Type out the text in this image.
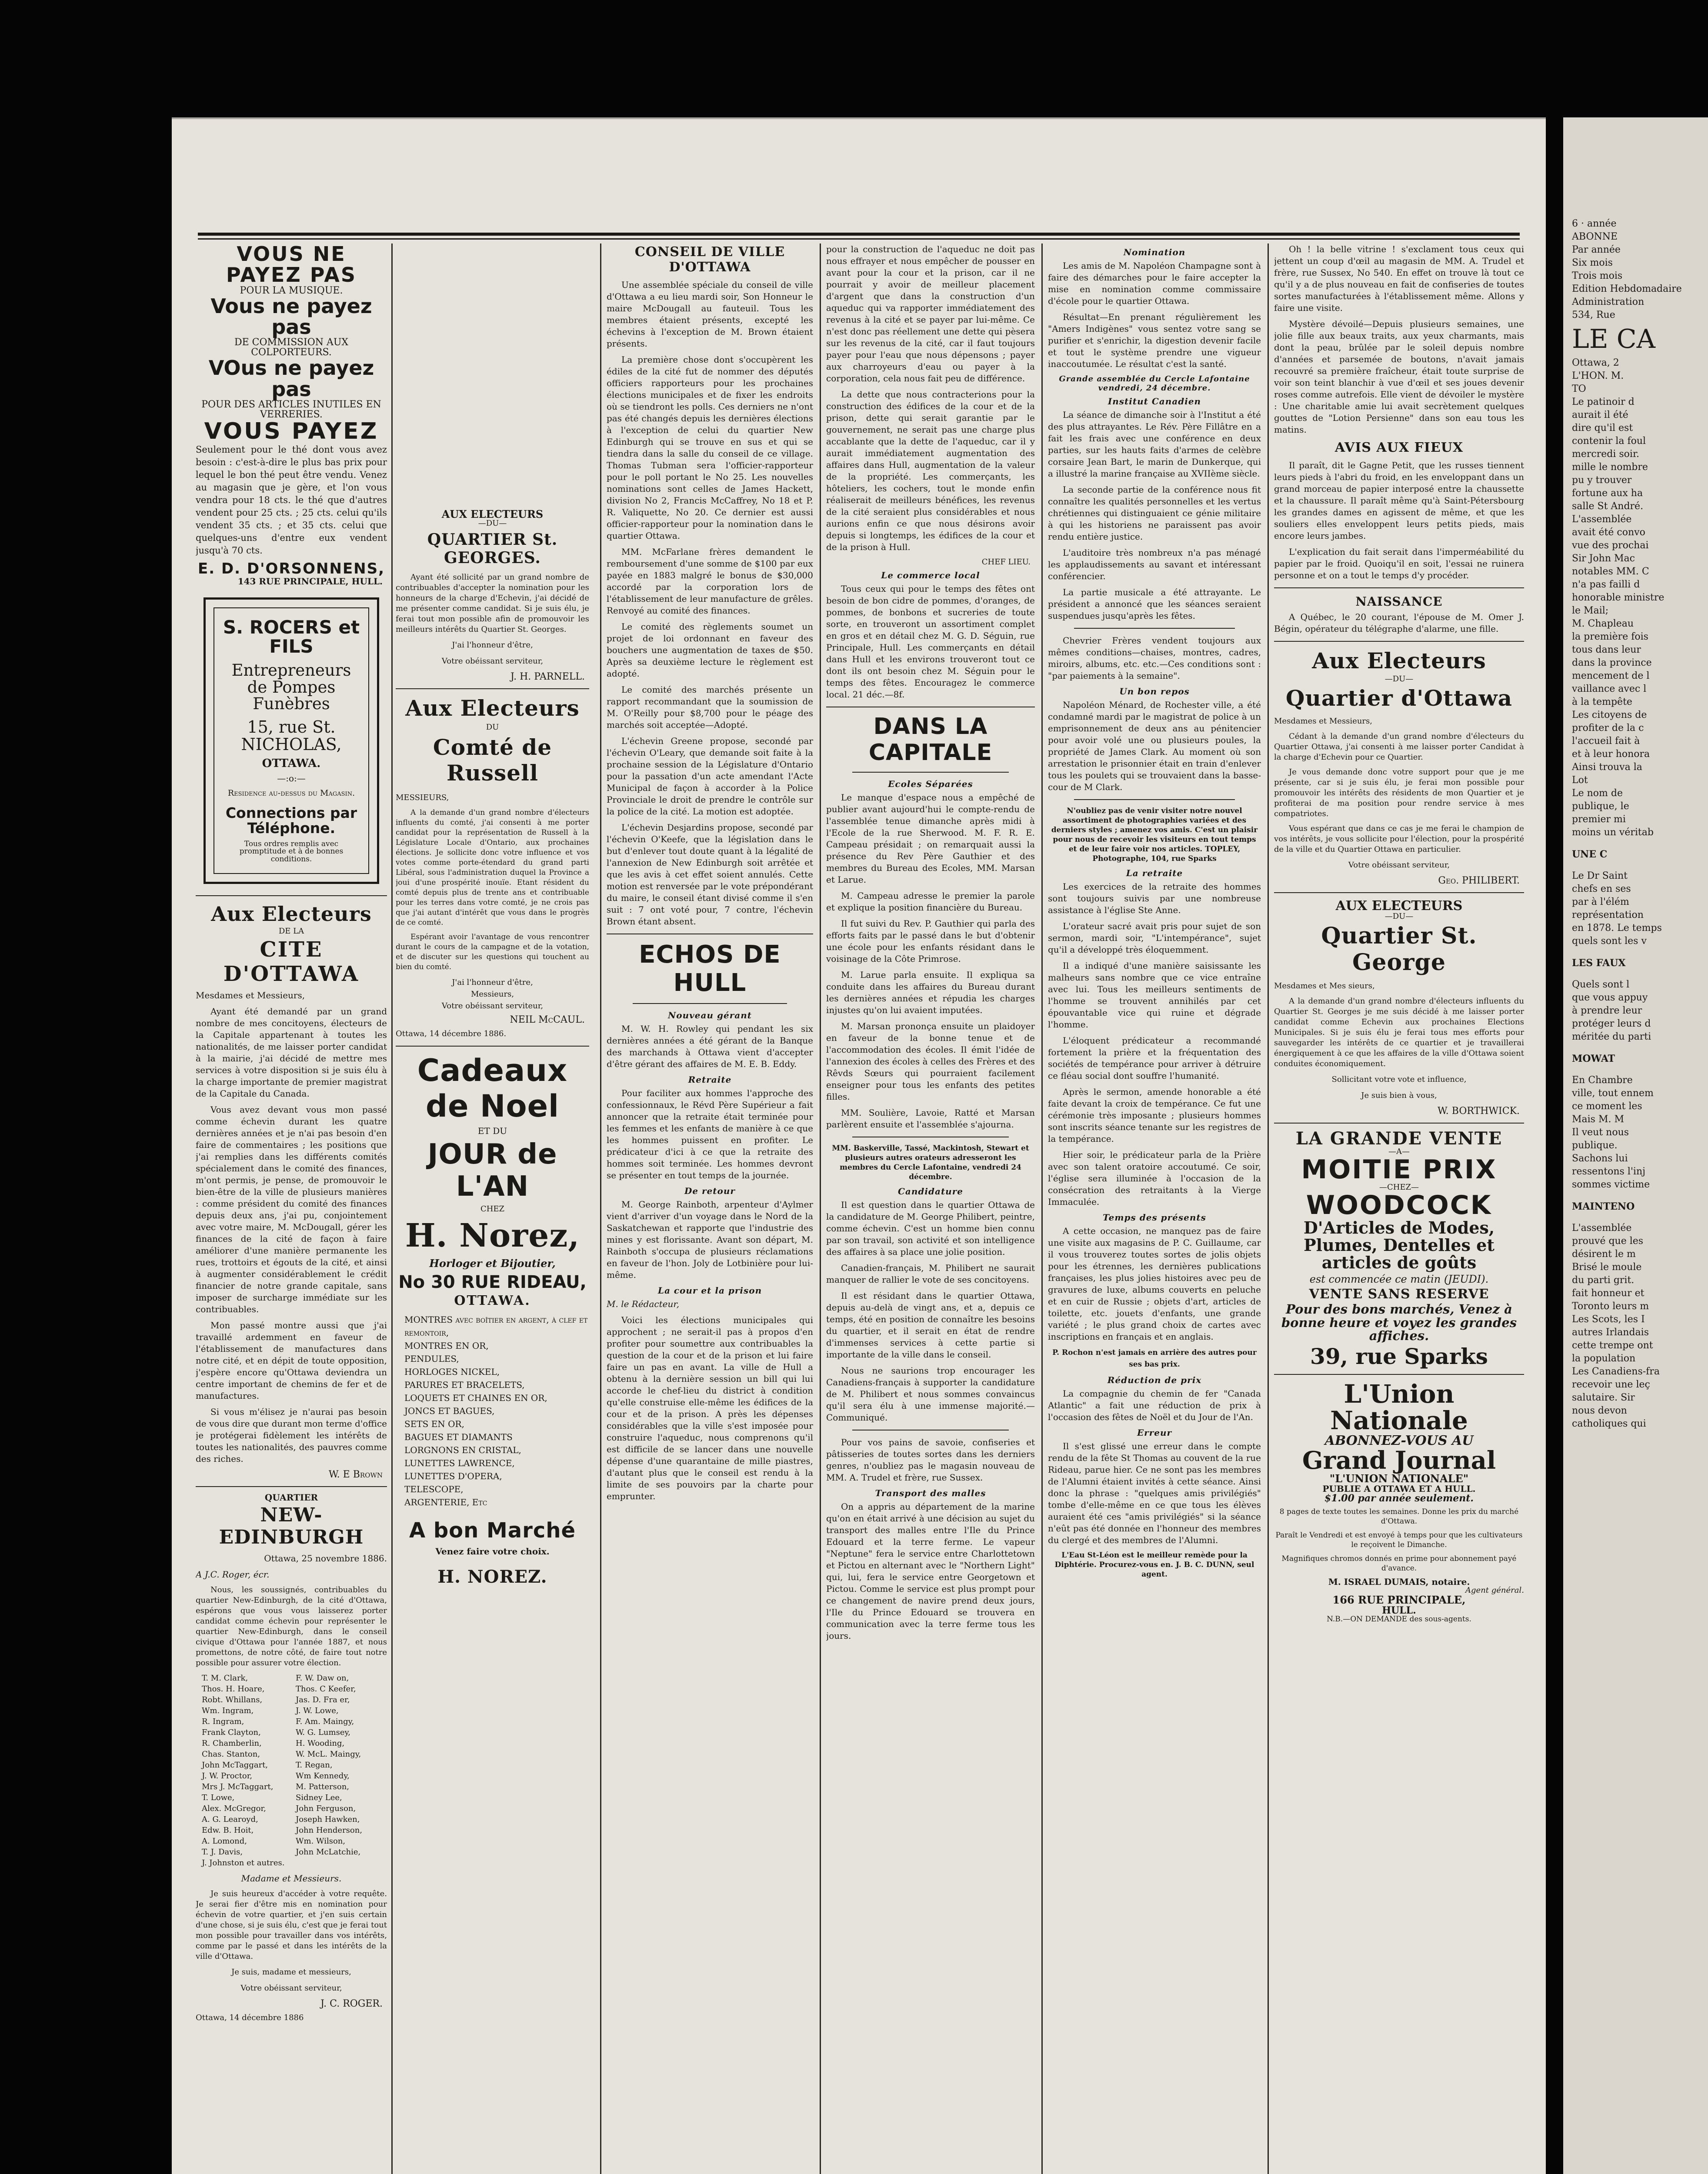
VOUS NE PAYEZ PAS

POUR LA MUSIQUE.

Vous ne payez pas

DE COMMISSION AUX COLPORTEURS.

VOus ne payez pas

POUR DES ARTICLES INUTILES EN VERRERIES.

VOUS PAYEZ

Seulement pour le thé dont vous avez besoin : c'est-à-dire le plus bas prix pour lequel le bon thé peut être vendu. Venez au magasin que je gère, et l'on vous vendra pour 18 cts. le thé que d'autres vendent pour 25 cts. ; 25 cts. celui qu'ils vendent 35 cts. ; et 35 cts. celui que quelques-uns d'entre eux vendent jusqu'à 70 cts.

E. D. D'ORSONNENS,

143 RUE PRINCIPALE, HULL.

S. ROCERS et FILS

Entrepreneurs de Pompes Funèbres

15, rue St. NICHOLAS,

OTTAWA.

—:o:—

Residence au-dessus du Magasin.

Connections par Téléphone.

Tous ordres remplis avec promptitude et à de bonnes conditions.

Aux Electeurs

DE LA

CITE D'OTTAWA

Mesdames et Messieurs,

Ayant été demandé par un grand nombre de mes concitoyens, électeurs de la Capitale appartenant à toutes les nationalités, de me laisser porter candidat à la mairie, j'ai décidé de mettre mes services à votre disposition si je suis élu à la charge importante de premier magistrat de la Capitale du Canada.

Vous avez devant vous mon passé comme échevin durant les quatre dernières années et je n'ai pas besoin d'en faire de commentaires ; les positions que j'ai remplies dans les différents comités spécialement dans le comité des finances, m'ont permis, je pense, de promouvoir le bien-être de la ville de plusieurs manières : comme président du comité des finances depuis deux ans, j'ai pu, conjointement avec votre maire, M. McDougall, gérer les finances de la cité de façon à faire améliorer d'une manière permanente les rues, trottoirs et égouts de la cité, et ainsi à augmenter considérablement le crédit financier de notre grande capitale, sans imposer de surcharge immédiate sur les contribuables.

Mon passé montre aussi que j'ai travaillé ardemment en faveur de l'établissement de manufactures dans notre cité, et en dépit de toute opposition, j'espère encore qu'Ottawa deviendra un centre important de chemins de fer et de manufactures.

Si vous m'élisez je n'aurai pas besoin de vous dire que durant mon terme d'office je protégerai fidèlement les intérêts de toutes les nationalités, des pauvres comme des riches.

W. E Brown

QUARTIER

NEW-EDINBURGH

Ottawa, 25 novembre 1886.

A J.C. Roger, écr.

Nous, les soussignés, contribuables du quartier New-Edinburgh, de la cité d'Ottawa, espérons que vous vous laisserez porter candidat comme échevin pour représenter le quartier New-Edinburgh, dans le conseil civique d'Ottawa pour l'année 1887, et nous promettons, de notre côté, de faire tout notre possible pour assurer votre élection.

T. M. Clark,
Thos. H. Hoare,
Robt. Whillans,
Wm. Ingram,
R. Ingram,
Frank Clayton,
R. Chamberlin,
Chas. Stanton,
John McTaggart,
J. W. Proctor,
Mrs J. McTaggart,
T. Lowe,
Alex. McGregor,
A. G. Learoyd,
Edw. B. Hoit,
A. Lomond,
T. J. Davis,
J. Johnston et autres.
F. W. Daw on,
Thos. C Keefer,
Jas. D. Fra er,
J. W. Lowe,
F. Am. Maingy,
W. G. Lumsey,
H. Wooding,
W. McL. Maingy,
T. Regan,
Wm Kennedy,
M. Patterson,
Sidney Lee,
John Ferguson,
Joseph Hawken,
John Henderson,
Wm. Wilson,
John McLatchie,

Madame et Messieurs.

Je suis heureux d'accéder à votre requête. Je serai fier d'être mis en nomination pour échevin de votre quartier, et j'en suis certain d'une chose, si je suis élu, c'est que je ferai tout mon possible pour travailler dans vos intérêts, comme par le passé et dans les intérêts de la ville d'Ottawa.

Je suis, madame et messieurs,

Votre obéissant serviteur,

J. C. ROGER.

Ottawa, 14 décembre 1886

AUX ELECTEURS

—DU—

QUARTIER St. GEORGES.

Ayant été sollicité par un grand nombre de contribuables d'accepter la nomination pour les honneurs de la charge d'Echevin, j'ai décidé de me présenter comme candidat. Si je suis élu, je ferai tout mon possible afin de promouvoir les meilleurs intérêts du Quartier St. Georges.

J'ai l'honneur d'être,

Votre obéissant serviteur,

J. H. PARNELL.

Aux Electeurs

DU

Comté de Russell

MESSIEURS,

A la demande d'un grand nombre d'électeurs influents du comté, j'ai consenti à me porter candidat pour la représentation de Russell à la Législature Locale d'Ontario, aux prochaines élections. Je sollicite donc votre influence et vos votes comme porte-étendard du grand parti Libéral, sous l'administration duquel la Province a joui d'une prospérité inouïe. Etant résident du comté depuis plus de trente ans et contribuable pour les terres dans votre comté, je ne crois pas que j'ai autant d'intérêt que vous dans le progrès de ce comté.

Espérant avoir l'avantage de vous rencontrer durant le cours de la campagne et de la votation, et de discuter sur les questions qui touchent au bien du comté.

J'ai l'honneur d'être,

Messieurs,

Votre obéissant serviteur,

NEIL McCAUL.

Ottawa, 14 décembre 1886.

Cadeaux de Noel

ET DU

JOUR de L'AN

CHEZ

H. Norez,

Horloger et Bijoutier,

No 30 RUE RIDEAU,

OTTAWA.

MONTRES avec boîtier en argent, à clef et remontoir,
MONTRES EN OR,
PENDULES,
HORLOGES NICKEL,
PARURES ET BRACELETS,
LOQUETS ET CHAINES EN OR,
JONCS ET BAGUES,
SETS EN OR,
BAGUES ET DIAMANTS
LORGNONS EN CRISTAL,
LUNETTES LAWRENCE,
LUNETTES D'OPERA,
TELESCOPE,
ARGENTERIE, Etc

A bon Marché

Venez faire votre choix.

H. NOREZ.

CONSEIL DE VILLE D'OTTAWA

Une assemblée spéciale du conseil de ville d'Ottawa a eu lieu mardi soir, Son Honneur le maire McDougall au fauteuil. Tous les membres étaient présents, excepté les échevins à l'exception de M. Brown étaient présents.

La première chose dont s'occupèrent les édiles de la cité fut de nommer des députés officiers rapporteurs pour les prochaines élections municipales et de fixer les endroits où se tiendront les polls. Ces derniers ne n'ont pas été changés depuis les dernières élections à l'exception de celui du quartier New Edinburgh qui se trouve en sus et qui se tiendra dans la salle du conseil de ce village. Thomas Tubman sera l'officier-rapporteur pour le poll portant le No 25. Les nouvelles nominations sont celles de James Hackett, division No 2, Francis McCaffrey, No 18 et P. R. Valiquette, No 20. Ce dernier est aussi officier-rapporteur pour la nomination dans le quartier Ottawa.

MM. McFarlane frères demandent le remboursement d'une somme de $100 par eux payée en 1883 malgré le bonus de $30,000 accordé par la corporation lors de l'établissement de leur manufacture de grêles. Renvoyé au comité des finances.

Le comité des règlements soumet un projet de loi ordonnant en faveur des bouchers une augmentation de taxes de $50. Après sa deuxième lecture le règlement est adopté.

Le comité des marchés présente un rapport recommandant que la soumission de M. O'Reilly pour $8,700 pour le péage des marchés soit acceptée—Adopté.

L'échevin Greene propose, secondé par l'échevin O'Leary, que demande soit faite à la prochaine session de la Législature d'Ontario pour la passation d'un acte amendant l'Acte Municipal de façon à accorder à la Police Provinciale le droit de prendre le contrôle sur la police de la cité. La motion est adoptée.

L'échevin Desjardins propose, secondé par l'échevin O'Keefe, que la législation dans le but d'enlever tout doute quant à la légalité de l'annexion de New Edinburgh soit arrêtée et que les avis à cet effet soient annulés. Cette motion est renversée par le vote prépondérant du maire, le conseil étant divisé comme il s'en suit : 7 ont voté pour, 7 contre, l'échevin Brown étant absent.

ECHOS DE HULL

Nouveau gérant

M. W. H. Rowley qui pendant les six dernières années a été gérant de la Banque des marchands à Ottawa vient d'accepter d'être gérant des affaires de M. E. B. Eddy.

Retraite

Pour faciliter aux hommes l'approche des confessionnaux, le Révd Père Supérieur a fait annoncer que la retraite était terminée pour les femmes et les enfants de manière à ce que les hommes puissent en profiter. Le prédicateur d'ici à ce que la retraite des hommes soit terminée. Les hommes devront se présenter en tout temps de la journée.

De retour

M. George Rainboth, arpenteur d'Aylmer vient d'arriver d'un voyage dans le Nord de la Saskatchewan et rapporte que l'industrie des mines y est florissante. Avant son départ, M. Rainboth s'occupa de plusieurs réclamations en faveur de l'hon. Joly de Lotbinière pour lui-même.

La cour et la prison

M. le Rédacteur,

Voici les élections municipales qui approchent ; ne serait-il pas à propos d'en profiter pour soumettre aux contribuables la question de la cour et de la prison et lui faire faire un pas en avant. La ville de Hull a obtenu à la dernière session un bill qui lui accorde le chef-lieu du district à condition qu'elle construise elle-même les édifices de la cour et de la prison. A près les dépenses considérables que la ville s'est imposée pour construire l'aqueduc, nous comprenons qu'il est difficile de se lancer dans une nouvelle dépense d'une quarantaine de mille piastres, d'autant plus que le conseil est rendu à la limite de ses pouvoirs par la charte pour emprunter.

pour la construction de l'aqueduc ne doit pas nous effrayer et nous empêcher de pousser en avant pour la cour et la prison, car il ne pourrait y avoir de meilleur placement d'argent que dans la construction d'un aqueduc qui va rapporter immédiatement des revenus à la cité et se payer par lui-même. Ce n'est donc pas réellement une dette qui pèsera sur les revenus de la cité, car il faut toujours payer pour l'eau que nous dépensons ; payer aux charroyeurs d'eau ou payer à la corporation, cela nous fait peu de différence.

La dette que nous contracterions pour la construction des édifices de la cour et de la prison, dette qui serait garantie par le gouvernement, ne serait pas une charge plus accablante que la dette de l'aqueduc, car il y aurait immédiatement augmentation des affaires dans Hull, augmentation de la valeur de la propriété. Les commerçants, les hôteliers, les cochers, tout le monde enfin réaliserait de meilleurs bénéfices, les revenus de la cité seraient plus considérables et nous aurions enfin ce que nous désirons avoir depuis si longtemps, les édifices de la cour et de la prison à Hull.

CHEF LIEU.

Le commerce local

Tous ceux qui pour le temps des fêtes ont besoin de bon cidre de pommes, d'oranges, de pommes, de bonbons et sucreries de toute sorte, en trouveront un assortiment complet en gros et en détail chez M. G. D. Séguin, rue Principale, Hull. Les commerçants en détail dans Hull et les environs trouveront tout ce dont ils ont besoin chez M. Séguin pour le temps des fêtes. Encouragez le commerce local. 21 déc.—8f.

DANS LA CAPITALE

Ecoles Séparées

Le manque d'espace nous a empêché de publier avant aujourd'hui le compte-rendu de l'assemblée tenue dimanche après midi à l'Ecole de la rue Sherwood. M. F. R. E. Campeau présidait ; on remarquait aussi la présence du Rev Père Gauthier et des membres du Bureau des Ecoles, MM. Marsan et Larue.

M. Campeau adresse le premier la parole et explique la position financière du Bureau.

Il fut suivi du Rev. P. Gauthier qui parla des efforts faits par le passé dans le but d'obtenir une école pour les enfants résidant dans le voisinage de la Côte Primrose.

M. Larue parla ensuite. Il expliqua sa conduite dans les affaires du Bureau durant les dernières années et répudia les charges injustes qu'on lui avaient imputées.

M. Marsan prononça ensuite un plaidoyer en faveur de la bonne tenue et de l'accommodation des écoles. Il émit l'idée de l'annexion des écoles à celles des Frères et des Rêvds Sœurs qui pourraient facilement enseigner pour tous les enfants des petites filles.

MM. Soulière, Lavoie, Ratté et Marsan parlèrent ensuite et l'assemblée s'ajourna.

MM. Baskerville, Tassé, Mackintosh, Stewart et plusieurs autres orateurs adresseront les membres du Cercle Lafontaine, vendredi 24 décembre.

Candidature

Il est question dans le quartier Ottawa de la candidature de M. George Philibert, peintre, comme échevin. C'est un homme bien connu par son travail, son activité et son intelligence des affaires à sa place une jolie position.

Canadien-français, M. Philibert ne saurait manquer de rallier le vote de ses concitoyens.

Il est résidant dans le quartier Ottawa, depuis au-delà de vingt ans, et a, depuis ce temps, été en position de connaître les besoins du quartier, et il serait en état de rendre d'immenses services à cette partie si importante de la ville dans le conseil.

Nous ne saurions trop encourager les Canadiens-français à supporter la candidature de M. Philibert et nous sommes convaincus qu'il sera élu à une immense majorité.—Communiqué.

Pour vos pains de savoie, confiseries et pâtisseries de toutes sortes dans les derniers genres, n'oubliez pas le magasin nouveau de MM. A. Trudel et frère, rue Sussex.

Transport des malles

On a appris au département de la marine qu'on en était arrivé à une décision au sujet du transport des malles entre l'Ile du Prince Edouard et la terre ferme. Le vapeur "Neptune" fera le service entre Charlottetown et Pictou en alternant avec le "Northern Light" qui, lui, fera le service entre Georgetown et Pictou. Comme le service est plus prompt pour ce changement de navire prend deux jours, l'Ile du Prince Edouard se trouvera en communication avec la terre ferme tous les jours.

Nomination

Les amis de M. Napoléon Champagne sont à faire des démarches pour le faire accepter la mise en nomination comme commissaire d'école pour le quartier Ottawa.

Résultat—En prenant régulièrement les "Amers Indigènes" vous sentez votre sang se purifier et s'enrichir, la digestion devenir facile et tout le système prendre une vigueur inaccoutumée. Le résultat c'est la santé.

Grande assemblée du Cercle Lafontaine vendredi, 24 décembre.

Institut Canadien

La séance de dimanche soir à l'Institut a été des plus attrayantes. Le Rév. Père Fillâtre en a fait les frais avec une conférence en deux parties, sur les hauts faits d'armes de celèbre corsaire Jean Bart, le marin de Dunkerque, qui a illustré la marine française au XVIIème siècle.

La seconde partie de la conférence nous fit connaître les qualités personnelles et les vertus chrétiennes qui distinguaient ce génie militaire à qui les historiens ne paraissent pas avoir rendu entière justice.

L'auditoire très nombreux n'a pas ménagé les applaudissements au savant et intéressant conférencier.

La partie musicale a été attrayante. Le président a annoncé que les séances seraient suspendues jusqu'après les fêtes.

Chevrier Frères vendent toujours aux mêmes conditions—chaises, montres, cadres, miroirs, albums, etc. etc.—Ces conditions sont : "par paiements à la semaine".

Un bon repos

Napoléon Ménard, de Rochester ville, a été condamné mardi par le magistrat de police à un emprisonnement de deux ans au pénitencier pour avoir volé une ou plusieurs poules, la propriété de James Clark. Au moment où son arrestation le prisonnier était en train d'enlever tous les poulets qui se trouvaient dans la basse-cour de M Clark.

N'oubliez pas de venir visiter notre nouvel assortiment de photographies variées et des derniers styles ; amenez vos amis. C'est un plaisir pour nous de recevoir les visiteurs en tout temps et de leur faire voir nos articles. TOPLEY, Photographe, 104, rue Sparks

La retraite

Les exercices de la retraite des hommes sont toujours suivis par une nombreuse assistance à l'église Ste Anne.

L'orateur sacré avait pris pour sujet de son sermon, mardi soir, "L'intempérance", sujet qu'il a développé très éloquemment.

Il a indiqué d'une manière saisissante les malheurs sans nombre que ce vice entraîne avec lui. Tous les meilleurs sentiments de l'homme se trouvent annihilés par cet épouvantable vice qui ruine et dégrade l'homme.

L'éloquent prédicateur a recommandé fortement la prière et la fréquentation des sociétés de tempérance pour arriver à détruire ce fléau social dont souffre l'humanité.

Après le sermon, amende honorable a été faite devant la croix de tempérance. Ce fut une cérémonie très imposante ; plusieurs hommes sont inscrits séance tenante sur les registres de la tempérance.

Hier soir, le prédicateur parla de la Prière avec son talent oratoire accoutumé. Ce soir, l'église sera illuminée à l'occasion de la consécration des retraitants à la Vierge Immaculée.

Temps des présents

A cette occasion, ne manquez pas de faire une visite aux magasins de P. C. Guillaume, car il vous trouverez toutes sortes de jolis objets pour les étrennes, les dernières publications françaises, les plus jolies histoires avec peu de gravures de luxe, albums couverts en peluche et en cuir de Russie ; objets d'art, articles de toilette, etc. jouets d'enfants, une grande variété ; le plus grand choix de cartes avec inscriptions en français et en anglais.

P. Rochon n'est jamais en arrière des autres pour ses bas prix.

Réduction de prix

La compagnie du chemin de fer "Canada Atlantic" a fait une réduction de prix à l'occasion des fêtes de Noël et du Jour de l'An.

Erreur

Il s'est glissé une erreur dans le compte rendu de la fête St Thomas au couvent de la rue Rideau, parue hier. Ce ne sont pas les membres de l'Alumni étaient invités à cette séance. Ainsi donc la phrase : "quelques amis privilégiés" tombe d'elle-même en ce que tous les élèves auraient été ces "amis privilégiés" si la séance n'eût pas été donnée en l'honneur des membres du clergé et des membres de l'Alumni.

L'Eau St-Léon est le meilleur remède pour la Diphtérie. Procurez-vous en. J. B. C. DUNN, seul agent.

Oh ! la belle vitrine ! s'exclament tous ceux qui jettent un coup d'œil au magasin de MM. A. Trudel et frère, rue Sussex, No 540. En effet on trouve là tout ce qu'il y a de plus nouveau en fait de confiseries de toutes sortes manufacturées à l'établissement même. Allons y faire une visite.

Mystère dévoilé—Depuis plusieurs semaines, une jolie fille aux beaux traits, aux yeux charmants, mais dont la peau, brûlée par le soleil depuis nombre d'années et parsemée de boutons, n'avait jamais recouvré sa première fraîcheur, était toute surprise de voir son teint blanchir à vue d'œil et ses joues devenir roses comme autrefois. Elle vient de dévoiler le mystère : Une charitable amie lui avait secrètement quelques gouttes de "Lotion Persienne" dans son eau tous les matins.

AVIS AUX FIEUX

Il paraît, dit le Gagne Petit, que les russes tiennent leurs pieds à l'abri du froid, en les enveloppant dans un grand morceau de papier interposé entre la chaussette et la chaussure. Il paraît même qu'à Saint-Pétersbourg les grandes dames en agissent de même, et que les souliers elles enveloppent leurs petits pieds, mais encore leurs jambes.

L'explication du fait serait dans l'imperméabilité du papier par le froid. Quoiqu'il en soit, l'essai ne ruinera personne et on a tout le temps d'y procéder.

NAISSANCE

A Québec, le 20 courant, l'épouse de M. Omer J. Bégin, opérateur du télégraphe d'alarme, une fille.

Aux Electeurs

—DU—

Quartier d'Ottawa

Mesdames et Messieurs,

Cédant à la demande d'un grand nombre d'électeurs du Quartier Ottawa, j'ai consenti à me laisser porter Candidat à la charge d'Echevin pour ce Quartier.

Je vous demande donc votre support pour que je me présente, car si je suis élu, je ferai mon possible pour promouvoir les intérêts des résidents de mon Quartier et je profiterai de ma position pour rendre service à mes compatriotes.

Vous espérant que dans ce cas je me ferai le champion de vos intérêts, je vous sollicite pour l'élection, pour la prospérité de la ville et du Quartier Ottawa en particulier.

Votre obéissant serviteur,

Geo. PHILIBERT.

AUX ELECTEURS

—DU—

Quartier St. George

Mesdames et Mes sieurs,

A la demande d'un grand nombre d'électeurs influents du Quartier St. Georges je me suis décidé à me laisser porter candidat comme Echevin aux prochaines Elections Municipales. Si je suis élu je ferai tous mes efforts pour sauvegarder les intérêts de ce quartier et je travaillerai énergiquement à ce que les affaires de la ville d'Ottawa soient conduites économiquement.

Sollicitant votre vote et influence,

Je suis bien à vous,

W. BORTHWICK.

LA GRANDE VENTE

—A—

MOITIE PRIX

—CHEZ—

WOODCOCK

D'Articles de Modes, Plumes, Dentelles et articles de goûts

est commencée ce matin (JEUDI).

VENTE SANS RESERVE

Pour des bons marchés, Venez à bonne heure et voyez les grandes affiches.

39, rue Sparks

L'Union Nationale

ABONNEZ-VOUS AU

Grand Journal

"L'UNION NATIONALE"

PUBLIE A OTTAWA ET A HULL.

$1.00 par année seulement.

8 pages de texte toutes les semaines. Donne les prix du marché d'Ottawa.

Paraît le Vendredi et est envoyé à temps pour que les cultivateurs le reçoivent le Dimanche.

Magnifiques chromos donnés en prime pour abonnement payé d'avance.

M. ISRAEL DUMAIS, notaire.

Agent général.

166 RUE PRINCIPALE,

HULL.

N.B.—ON DEMANDE des sous-agents.

6 · année
ABONNE
Par année
Six mois
Trois mois
Edition Hebdomadaire
Administration
534, Rue
LE CA
Ottawa, 2
L'HON. M.
TO
Le patinoir d
aurait il été
dire qu'il est
contenir la foul
mercredi soir.
mille le nombre
pu y trouver
fortune aux ha
salle St André.
L'assemblée
avait été convo
vue des prochai
Sir John Mac
notables MM. C
n'a pas failli d
honorable ministre
le Mail;
M. Chapleau
la première fois
tous dans leur
dans la province
mencement de l
vaillance avec l
à la tempête
Les citoyens de
profiter de la c
l'accueil fait à
et à leur honora
Ainsi trouva la
Lot
Le nom de
publique, le
premier mi
moins un véritab
UNE C
Le Dr Saint
chefs en ses
par à l'élém
représentation
en 1878. Le temps
quels sont les v
LES FAUX
Quels sont l
que vous appuy
à prendre leur
protéger leurs d
méritée du parti
MOWAT
En Chambre
ville, tout ennem
ce moment les
Mais M. M
Il veut nous
publique.
Sachons lui
ressentons l'inj
sommes victime
MAINTENO
L'assemblée
prouvé que les
désirent le m
Brisé le moule
du parti grit.
fait honneur et
Toronto leurs m
Les Scots, les I
autres Irlandais
cette trempe ont
la population
Les Canadiens-fra
recevoir une leç
salutaire. Sir
nous devon
catholiques qui
